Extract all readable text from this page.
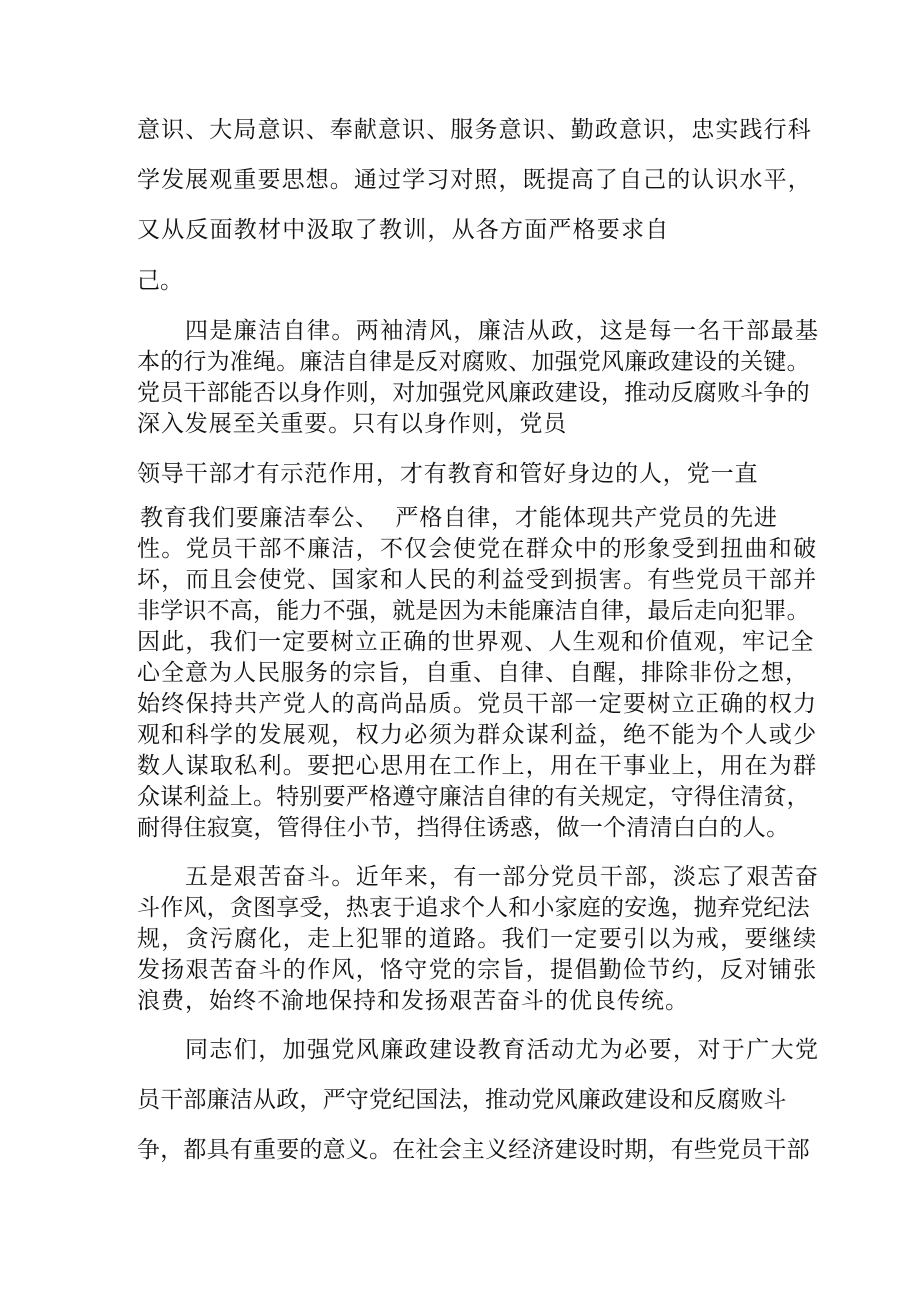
意识、大局意识、奉献意识、服务意识、勤政意识，忠实践行科
学发展观重要思想。通过学习对照，既提高了自己的认识水平，
又从反面教材中汲取了教训，从各方面严格要求自
己。
四是廉洁自律。两袖清风，廉洁从政，这是每一名干部最基
本的行为准绳。廉洁自律是反对腐败、加强党风廉政建设的关键。
党员干部能否以身作则，对加强党风廉政建设，推动反腐败斗争的
深入发展至关重要。只有以身作则，党员
领导干部才有示范作用，才有教育和管好身边的人，党一直
教育我们要廉洁奉公、  严格自律，才能体现共产党员的先进
性。党员干部不廉洁，不仅会使党在群众中的形象受到扭曲和破
坏，而且会使党、国家和人民的利益受到损害。有些党员干部并
非学识不高，能力不强，就是因为未能廉洁自律，最后走向犯罪。
因此，我们一定要树立正确的世界观、人生观和价值观，牢记全
心全意为人民服务的宗旨，自重、自律、自醒，排除非份之想，
始终保持共产党人的高尚品质。党员干部一定要树立正确的权力
观和科学的发展观，权力必须为群众谋利益，绝不能为个人或少
数人谋取私利。要把心思用在工作上，用在干事业上，用在为群
众谋利益上。特别要严格遵守廉洁自律的有关规定，守得住清贫，
耐得住寂寞，管得住小节，挡得住诱惑，做一个清清白白的人。
五是艰苦奋斗。近年来，有一部分党员干部，淡忘了艰苦奋
斗作风，贪图享受，热衷于追求个人和小家庭的安逸，抛弃党纪法
规，贪污腐化，走上犯罪的道路。我们一定要引以为戒，要继续
发扬艰苦奋斗的作风，恪守党的宗旨，提倡勤俭节约，反对铺张
浪费，始终不渝地保持和发扬艰苦奋斗的优良传统。
同志们，加强党风廉政建设教育活动尤为必要，对于广大党
员干部廉洁从政，严守党纪国法，推动党风廉政建设和反腐败斗
争，都具有重要的意义。在社会主义经济建设时期，有些党员干部
